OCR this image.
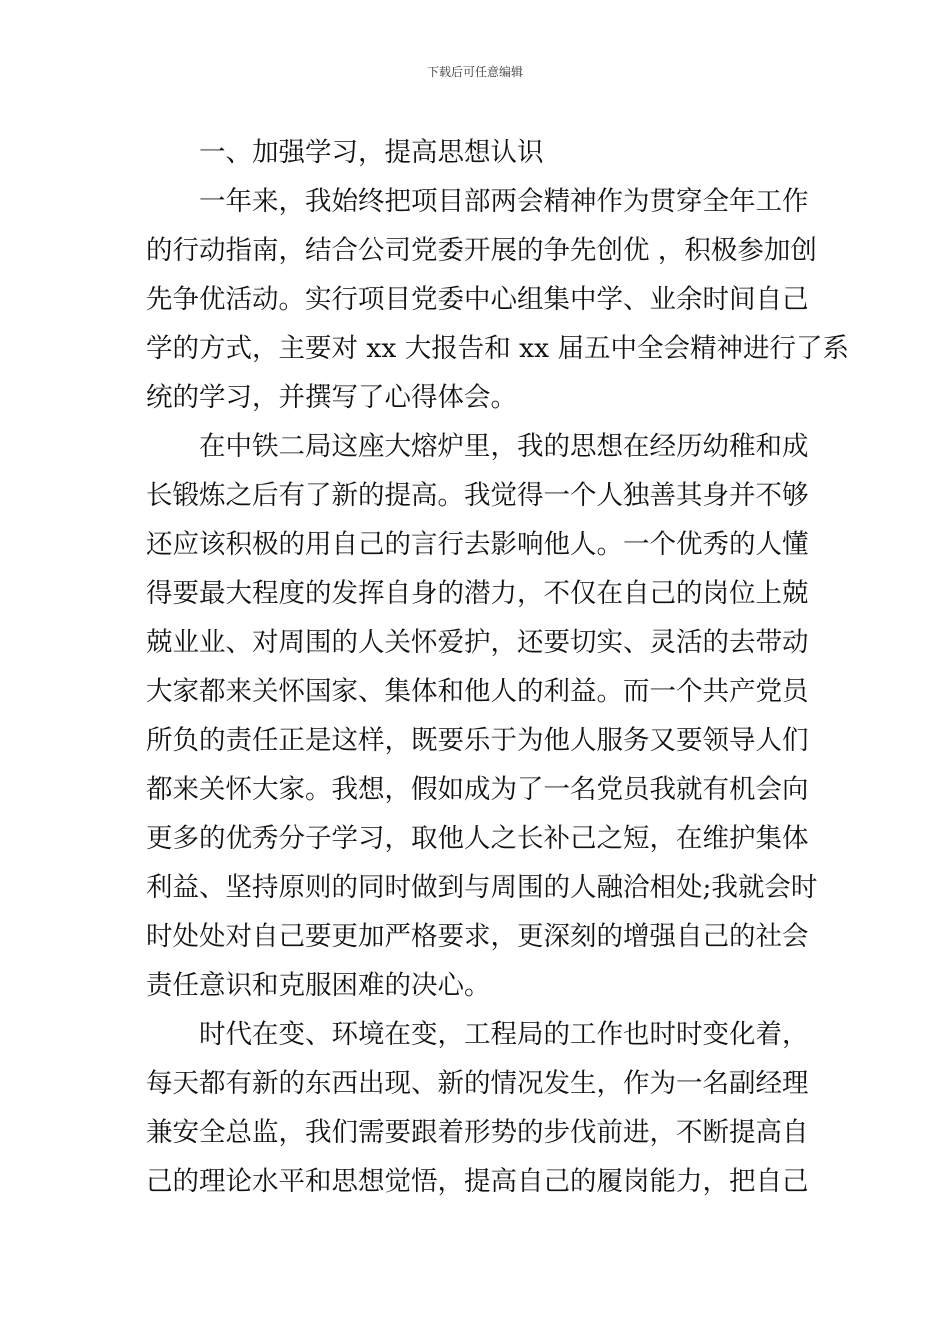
下载后可任意编辑

一、加强学习，提高思想认识

一年来，我始终把项目部两会精神作为贯穿全年工作
的行动指南，结合公司党委开展的争先创优 ，积极参加创
先争优活动。实行项目党委中心组集中学、业余时间自己
学的方式，主要对 xx 大报告和 xx 届五中全会精神进行了系
统的学习，并撰写了心得体会。

在中铁二局这座大熔炉里，我的思想在经历幼稚和成
长锻炼之后有了新的提高。我觉得一个人独善其身并不够
还应该积极的用自己的言行去影响他人。一个优秀的人懂
得要最大程度的发挥自身的潜力，不仅在自己的岗位上兢
兢业业、对周围的人关怀爱护，还要切实、灵活的去带动
大家都来关怀国家、集体和他人的利益。而一个共产党员
所负的责任正是这样，既要乐于为他人服务又要领导人们
都来关怀大家。我想，假如成为了一名党员我就有机会向
更多的优秀分子学习，取他人之长补己之短，在维护集体
利益、坚持原则的同时做到与周围的人融洽相处;我就会时
时处处对自己要更加严格要求，更深刻的增强自己的社会
责任意识和克服困难的决心。

时代在变、环境在变，工程局的工作也时时变化着，
每天都有新的东西出现、新的情况发生，作为一名副经理
兼安全总监，我们需要跟着形势的步伐前进，不断提高自
己的理论水平和思想觉悟，提高自己的履岗能力，把自己
